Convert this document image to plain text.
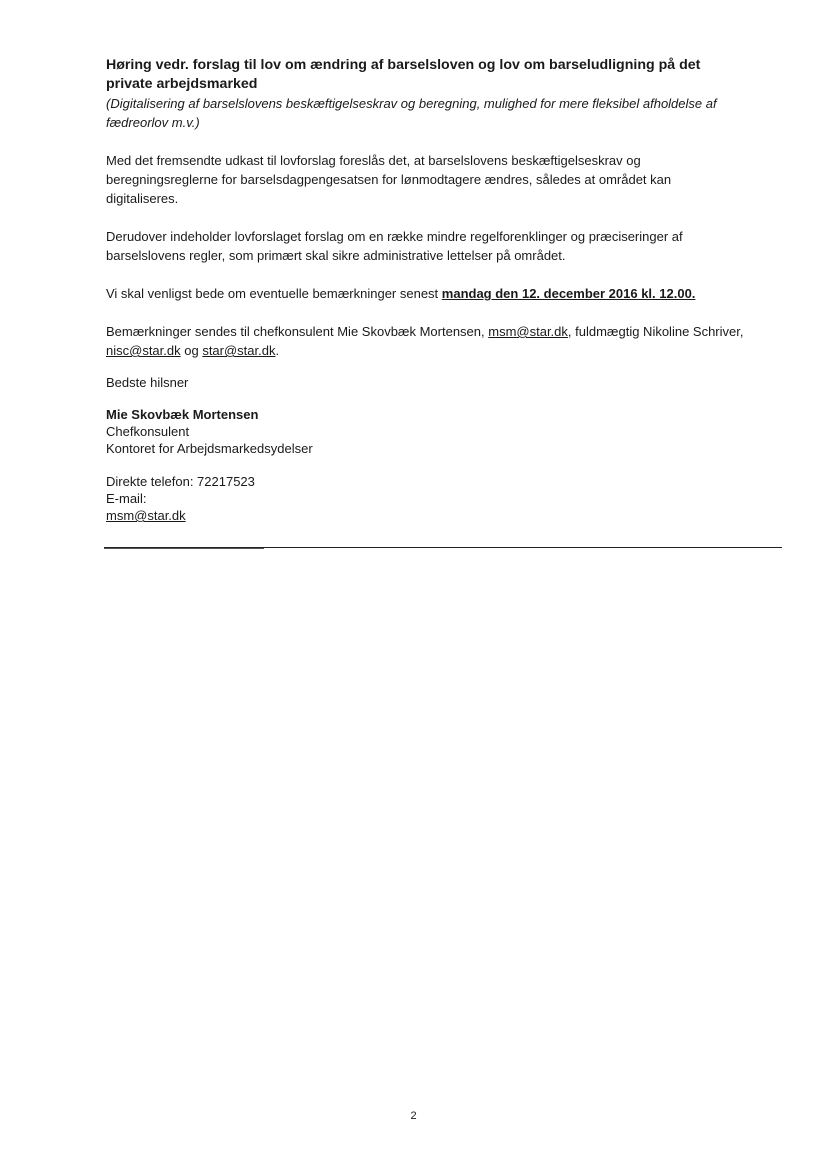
Høring vedr. forslag til lov om ændring af barselsloven og lov om barseludligning på det private arbejdsmarked

(Digitalisering af barselslovens beskæftigelseskrav og beregning, mulighed for mere fleksibel afholdelse af fædreorlov m.v.)

Med det fremsendte udkast til lovforslag foreslås det, at barselslovens beskæftigelseskrav og beregningsreglerne for barselsdagpengesatsen for lønmodtagere ændres, således at området kan digitaliseres.

Derudover indeholder lovforslaget forslag om en række mindre regelforenklinger og præciseringer af barselslovens regler, som primært skal sikre administrative lettelser på området.

Vi skal venligst bede om eventuelle bemærkninger senest mandag den 12. december 2016 kl. 12.00.

Bemærkninger sendes til chefkonsulent Mie Skovbæk Mortensen, msm@star.dk, fuldmægtig Nikoline Schriver, nisc@star.dk og star@star.dk.

Bedste hilsner

Mie Skovbæk Mortensen
Chefkonsulent
Kontoret for Arbejdsmarkedsydelser
Direkte telefon: 72217523
E-mail:
msm@star.dk
2
